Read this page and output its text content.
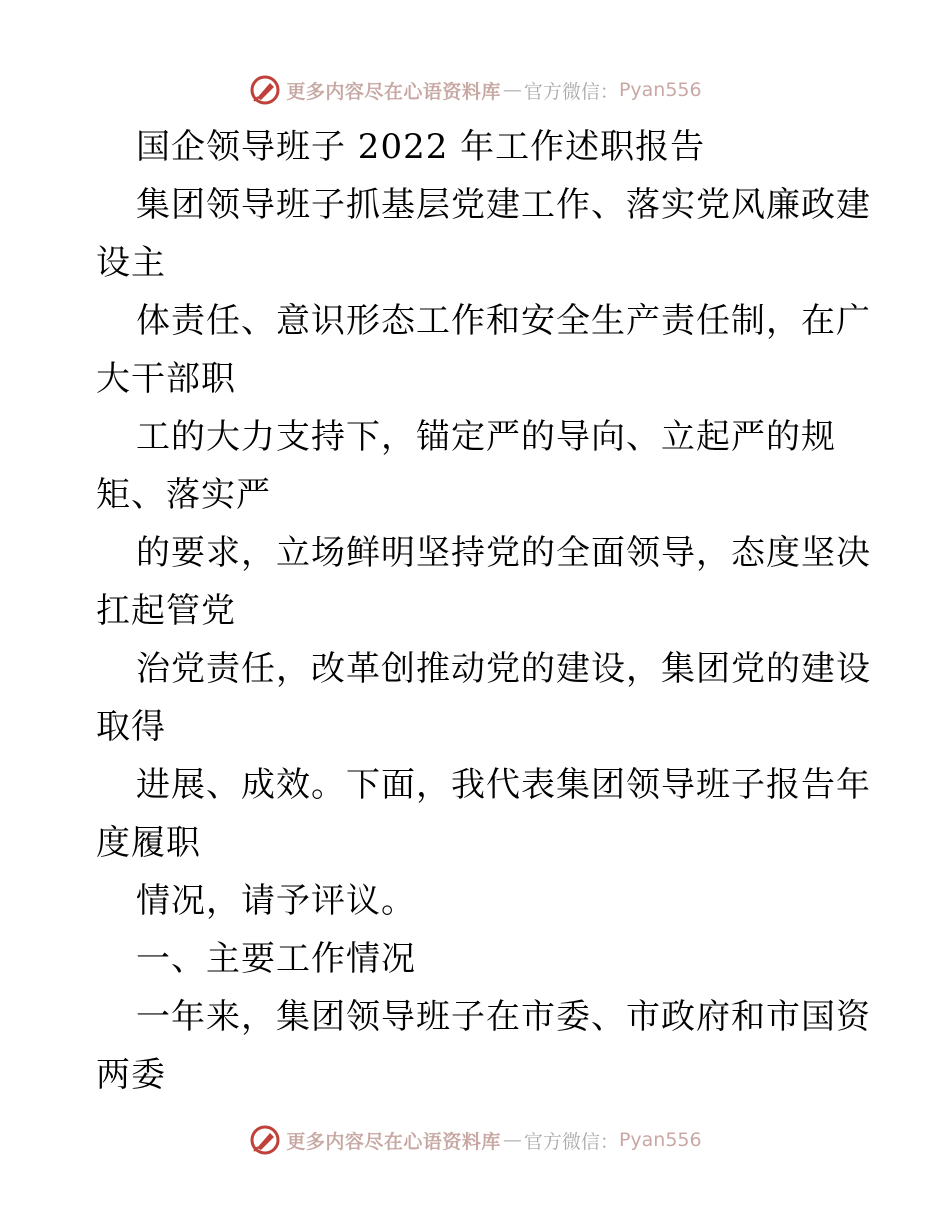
更多内容尽在心语资料库 — 官方微信： Pyan556
国企领导班子 2022 年工作述职报告
集团领导班子抓基层党建工作、落实党风廉政建
设主
体责任、意识形态工作和安全生产责任制，在广
大干部职
工的大力支持下，锚定严的导向、立起严的规
矩、落实严
的要求，立场鲜明坚持党的全面领导，态度坚决
扛起管党
治党责任，改革创推动党的建设，集团党的建设
取得
进展、成效。下面，我代表集团领导班子报告年
度履职
情况，请予评议。
一、主要工作情况
一年来，集团领导班子在市委、市政府和市国资
两委
更多内容尽在心语资料库 — 官方微信： Pyan556
